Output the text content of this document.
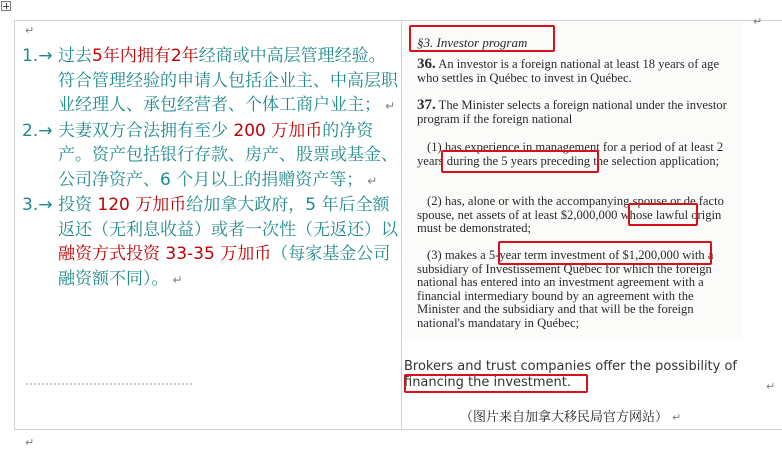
↵
↵
↵
↵
1.→ 过去5年内拥有2年经商或中高层管理经验。符合管理经验的申请人包括企业主、中高层职业经理人、承包经营者、个体工商户业主； ↵
2.→ 夫妻双方合法拥有至少 200 万加币的净资产。资产包括银行存款、房产、股票或基金、公司净资产、6 个月以上的捐赠资产等； ↵
3.→ 投资 120 万加币给加拿大政府，5 年后全额返还（无利息收益）或者一次性（无返还）以融资方式投资 33-35 万加币（每家基金公司融资额不同）。 ↵
§3. Investor program

36. An investor is a foreign national at least 18 years of age who settles in Québec to invest in Québec.

37. The Minister selects a foreign national under the investor program if the foreign national

(1) has experience in management for a period of at least 2 years during the 5 years preceding the selection application;

(2) has, alone or with the accompanying spouse or de facto spouse, net assets of at least $2,000,000 whose lawful origin must be demonstrated;

(3) makes a 5-year term investment of $1,200,000 with a subsidiary of Investissement Québec for which the foreign national has entered into an investment agreement with a financial intermediary bound by an agreement with the Minister and the subsidiary and that will be the foreign national's mandatary in Québec;

Brokers and trust companies offer the possibility of financing the investment.
（图片来自加拿大移民局官方网站） ↵
